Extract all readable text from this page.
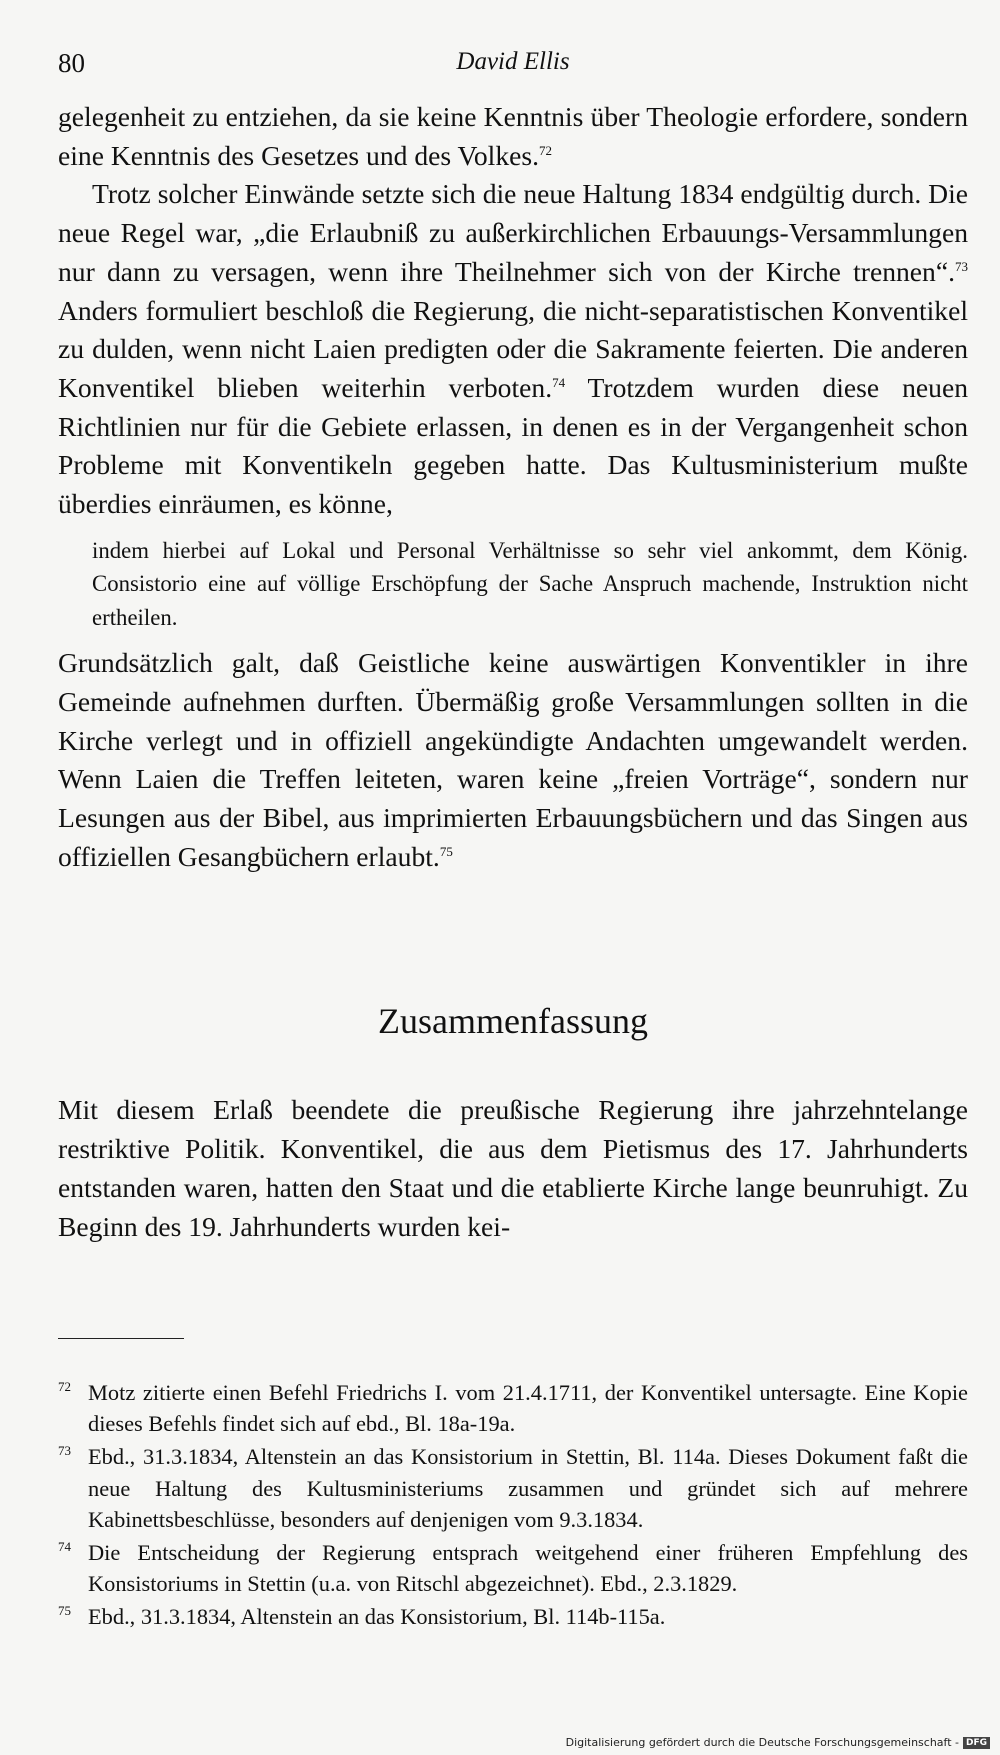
80	David Ellis

gelegenheit zu entziehen, da sie keine Kenntnis über Theologie erfordere, sondern eine Kenntnis des Gesetzes und des Volkes.$^{72}$

Trotz solcher Einwände setzte sich die neue Haltung 1834 endgültig durch. Die neue Regel war, „die Erlaubniß zu außerkirchlichen Erbauungs-Versammlungen nur dann zu versagen, wenn ihre Theilnehmer sich von der Kirche trennen“.$^{73}$ Anders formuliert beschloß die Regierung, die nicht-separatistischen Konventikel zu dulden, wenn nicht Laien predigten oder die Sakramente feierten. Die anderen Konventikel blieben weiterhin verboten.$^{74}$ Trotzdem wurden diese neuen Richtlinien nur für die Gebiete erlassen, in denen es in der Vergangenheit schon Probleme mit Konventikeln gegeben hatte. Das Kultusministerium mußte überdies einräumen, es könne,

indem hierbei auf Lokal und Personal Verhältnisse so sehr viel ankommt, dem König. Consistorio eine auf völlige Erschöpfung der Sache Anspruch machende, Instruktion nicht ertheilen.

Grundsätzlich galt, daß Geistliche keine auswärtigen Konventikler in ihre Gemeinde aufnehmen durften. Übermäßig große Versammlungen sollten in die Kirche verlegt und in offiziell angekündigte Andachten umgewandelt werden. Wenn Laien die Treffen leiteten, waren keine „freien Vorträge“, sondern nur Lesungen aus der Bibel, aus imprimierten Erbauungsbüchern und das Singen aus offiziellen Gesangbüchern erlaubt.$^{75}$

Zusammenfassung

Mit diesem Erlaß beendete die preußische Regierung ihre jahrzehntelange restriktive Politik. Konventikel, die aus dem Pietismus des 17. Jahrhunderts entstanden waren, hatten den Staat und die etablierte Kirche lange beunruhigt. Zu Beginn des 19. Jahrhunderts wurden kei-

72 Motz zitierte einen Befehl Friedrichs I. vom 21.4.1711, der Konventikel untersagte. Eine Kopie dieses Befehls findet sich auf ebd., Bl. 18a-19a.

73 Ebd., 31.3.1834, Altenstein an das Konsistorium in Stettin, Bl. 114a. Dieses Dokument faßt die neue Haltung des Kultusministeriums zusammen und gründet sich auf mehrere Kabinettsbeschlüsse, besonders auf denjenigen vom 9.3.1834.

74 Die Entscheidung der Regierung entsprach weitgehend einer früheren Empfehlung des Konsistoriums in Stettin (u.a. von Ritschl abgezeichnet). Ebd., 2.3.1829.

75 Ebd., 31.3.1834, Altenstein an das Konsistorium, Bl. 114b-115a.

Digitalisierung gefördert durch die Deutsche Forschungsgemeinschaft - DFG
